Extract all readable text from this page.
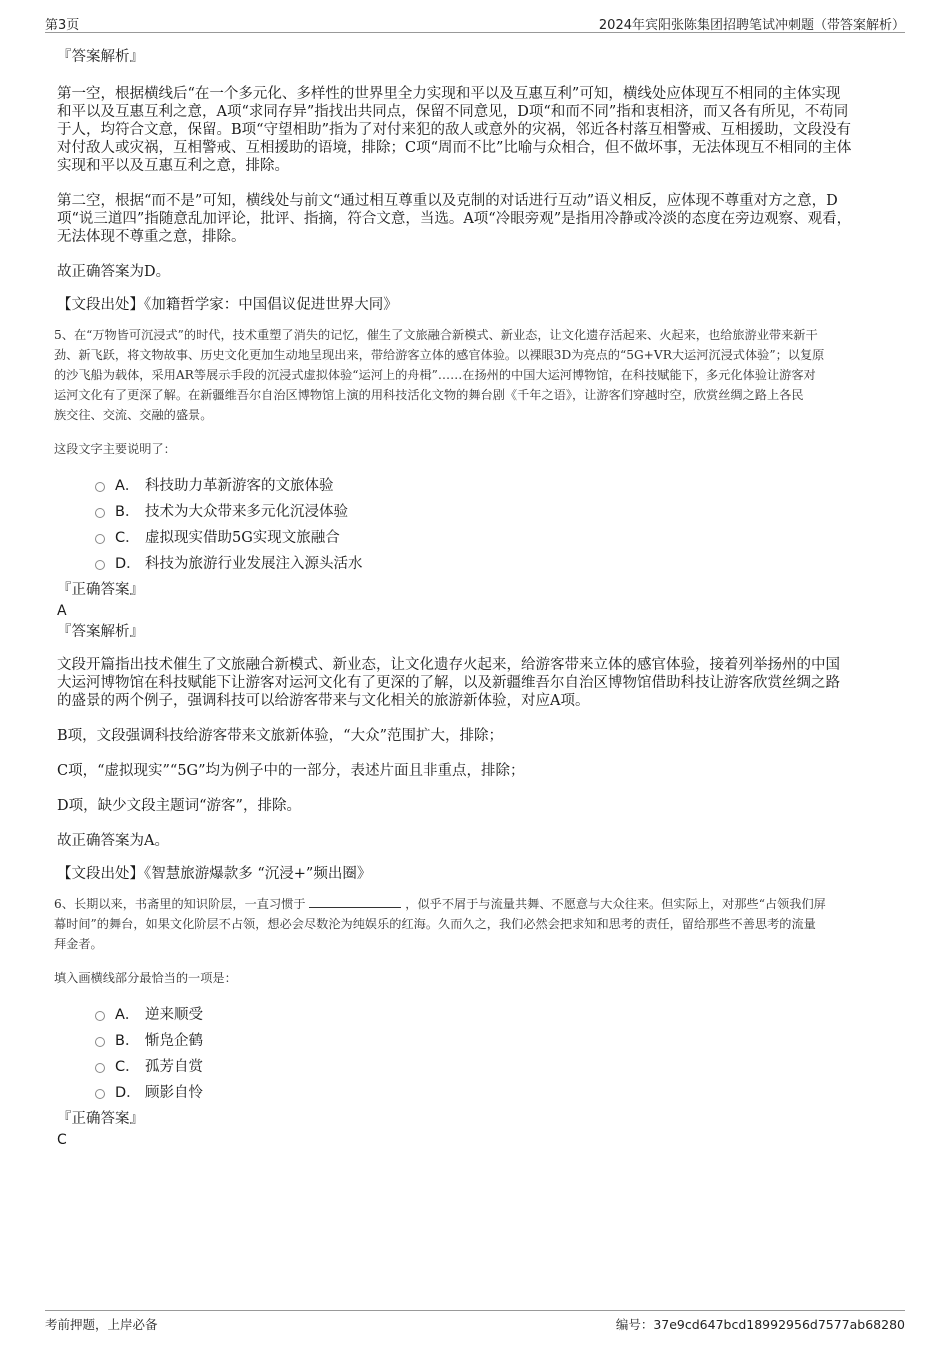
第3页	2024年宾阳张陈集团招聘笔试冲刺题（带答案解析）

『答案解析』

第一空，根据横线后“在一个多元化、多样性的世界里全力实现和平以及互惠互利”可知，横线处应体现互不相同的主体实现

和平以及互惠互利之意，A项“求同存异”指找出共同点，保留不同意见，D项“和而不同”指和衷相济，而又各有所见，不苟同

于人，均符合文意，保留。B项“守望相助”指为了对付来犯的敌人或意外的灾祸，邻近各村落互相警戒、互相援助，文段没有

对付敌人或灾祸，互相警戒、互相援助的语境，排除；C项“周而不比”比喻与众相合，但不做坏事，无法体现互不相同的主体

实现和平以及互惠互利之意，排除。

第二空，根据“而不是”可知，横线处与前文“通过相互尊重以及克制的对话进行互动”语义相反，应体现不尊重对方之意，D

项“说三道四”指随意乱加评论，批评、指摘，符合文意，当选。A项“冷眼旁观”是指用冷静或冷淡的态度在旁边观察、观看，

无法体现不尊重之意，排除。

故正确答案为D。

【文段出处】《加籍哲学家：中国倡议促进世界大同》

5、在“万物皆可沉浸式”的时代，技术重塑了消失的记忆，催生了文旅融合新模式、新业态，让文化遗存活起来、火起来，也给旅游业带来新干

劲、新飞跃，将文物故事、历史文化更加生动地呈现出来，带给游客立体的感官体验。以裸眼3D为亮点的“5G+VR大运河沉浸式体验”；以复原

的沙飞船为载体，采用AR等展示手段的沉浸式虚拟体验“运河上的舟楫”……在扬州的中国大运河博物馆，在科技赋能下，多元化体验让游客对

运河文化有了更深了解。在新疆维吾尔自治区博物馆上演的用科技活化文物的舞台剧《千年之语》，让游客们穿越时空，欣赏丝绸之路上各民

族交往、交流、交融的盛景。

这段文字主要说明了：

A． 科技助力革新游客的文旅体验
B． 技术为大众带来多元化沉浸体验
C． 虚拟现实借助5G实现文旅融合
D． 科技为旅游行业发展注入源头活水

『正确答案』

A

『答案解析』

文段开篇指出技术催生了文旅融合新模式、新业态，让文化遗存火起来，给游客带来立体的感官体验，接着列举扬州的中国

大运河博物馆在科技赋能下让游客对运河文化有了更深的了解，以及新疆维吾尔自治区博物馆借助科技让游客欣赏丝绸之路

的盛景的两个例子，强调科技可以给游客带来与文化相关的旅游新体验，对应A项。

B项，文段强调科技给游客带来文旅新体验，“大众”范围扩大，排除；

C项，“虚拟现实”“5G”均为例子中的一部分，表述片面且非重点，排除；

D项，缺少文段主题词“游客”，排除。

故正确答案为A。

【文段出处】《智慧旅游爆款多 “沉浸+”频出圈》

6、长期以来，书斋里的知识阶层，一直习惯于	，似乎不屑于与流量共舞、不愿意与大众往来。但实际上，对那些“占领我们屏

幕时间”的舞台，如果文化阶层不占领，想必会尽数沦为纯娱乐的红海。久而久之，我们必然会把求知和思考的责任，留给那些不善思考的流量

拜金者。

填入画横线部分最恰当的一项是：

A． 逆来顺受
B． 惭凫企鹤
C． 孤芳自赏
D． 顾影自怜

『正确答案』

C

考前押题，上岸必备	编号：37e9cd647bcd18992956d7577ab68280
